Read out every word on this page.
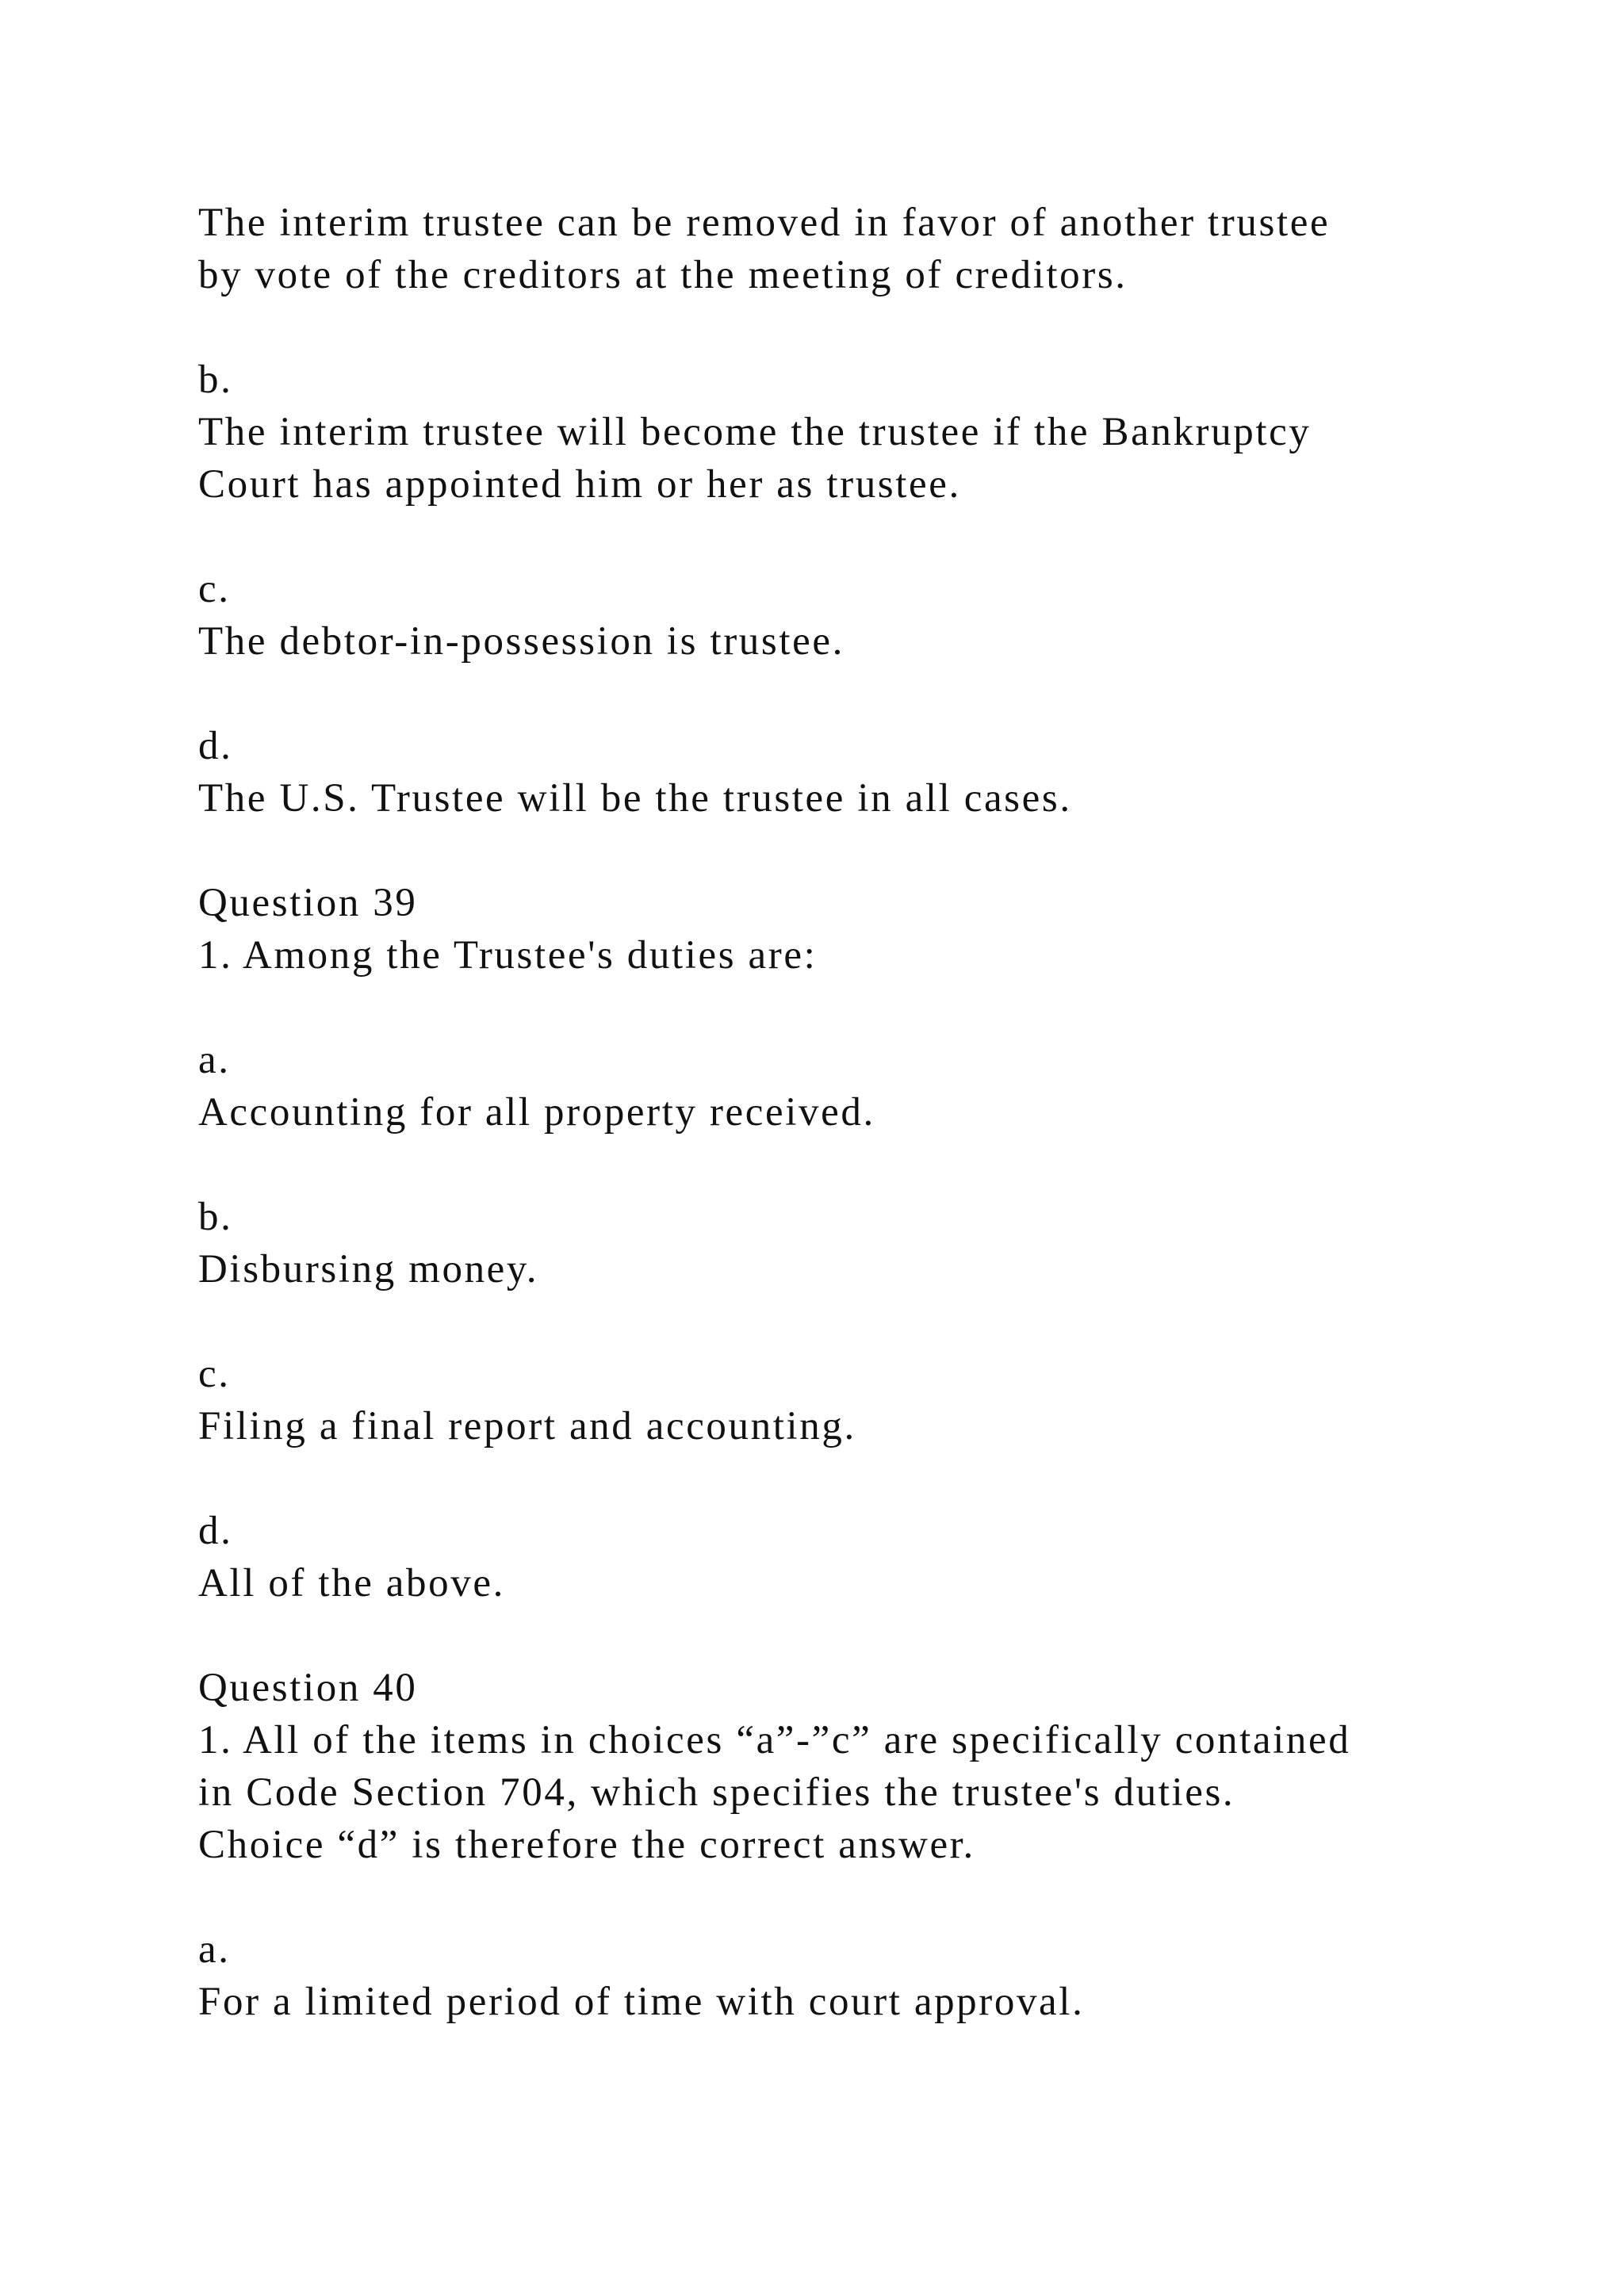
The interim trustee can be removed in favor of another trustee
by vote of the creditors at the meeting of creditors.
b.
The interim trustee will become the trustee if the Bankruptcy
Court has appointed him or her as trustee.
c.
The debtor-in-possession is trustee.
d.
The U.S. Trustee will be the trustee in all cases.
Question 39
1. Among the Trustee's duties are:
a.
Accounting for all property received.
b.
Disbursing money.
c.
Filing a final report and accounting.
d.
All of the above.
Question 40
1. All of the items in choices “a”-”c” are specifically contained
in Code Section 704, which specifies the trustee's duties.
Choice “d” is therefore the correct answer.
a.
For a limited period of time with court approval.
